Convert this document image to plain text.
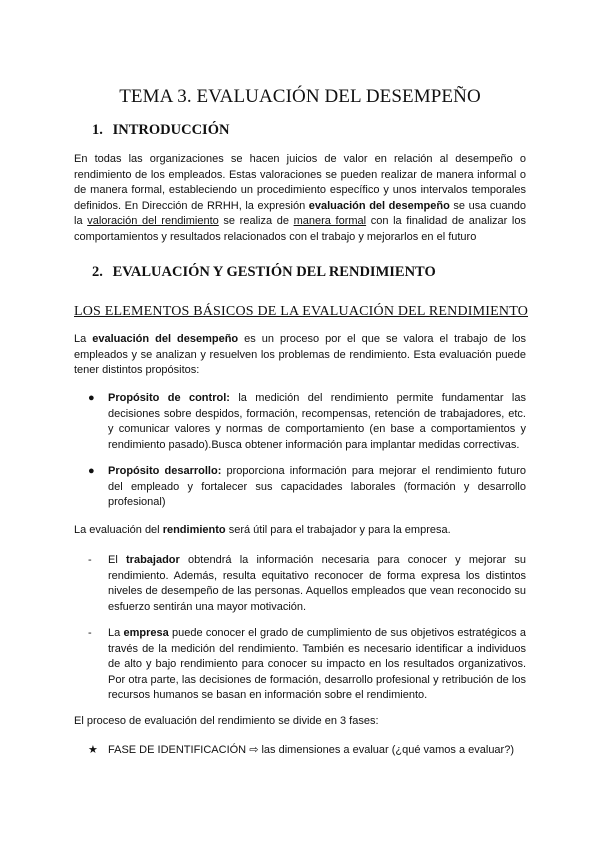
TEMA 3. EVALUACIÓN DEL DESEMPEÑO
1. INTRODUCCIÓN
En todas las organizaciones se hacen juicios de valor en relación al desempeño o rendimiento de los empleados. Estas valoraciones se pueden realizar de manera informal o de manera formal, estableciendo un procedimiento específico y unos intervalos temporales definidos. En Dirección de RRHH, la expresión evaluación del desempeño se usa cuando la valoración del rendimiento se realiza de manera formal con la finalidad de analizar los comportamientos y resultados relacionados con el trabajo y mejorarlos en el futuro
2. EVALUACIÓN Y GESTIÓN DEL RENDIMIENTO
LOS ELEMENTOS BÁSICOS DE LA EVALUACIÓN DEL RENDIMIENTO
La evaluación del desempeño es un proceso por el que se valora el trabajo de los empleados y se analizan y resuelven los problemas de rendimiento. Esta evaluación puede tener distintos propósitos:
●	Propósito de control: la medición del rendimiento permite fundamentar las decisiones sobre despidos, formación, recompensas, retención de trabajadores, etc. y comunicar valores y normas de comportamiento (en base a comportamientos y rendimiento pasado).Busca obtener información para implantar medidas correctivas.
●	Propósito desarrollo: proporciona información para mejorar el rendimiento futuro del empleado y fortalecer sus capacidades laborales (formación y desarrollo profesional)
La evaluación del rendimiento será útil para el trabajador y para la empresa.
-	El trabajador obtendrá la información necesaria para conocer y mejorar su rendimiento. Además, resulta equitativo reconocer de forma expresa los distintos niveles de desempeño de las personas. Aquellos empleados que vean reconocido su esfuerzo sentirán una mayor motivación.
-	La empresa puede conocer el grado de cumplimiento de sus objetivos estratégicos a través de la medición del rendimiento. También es necesario identificar a individuos de alto y bajo rendimiento para conocer su impacto en los resultados organizativos. Por otra parte, las decisiones de formación, desarrollo profesional y retribución de los recursos humanos se basan en información sobre el rendimiento.
El proceso de evaluación del rendimiento se divide en 3 fases:
★ FASE DE IDENTIFICACIÓN ⇨ las dimensiones a evaluar (¿qué vamos a evaluar?)
